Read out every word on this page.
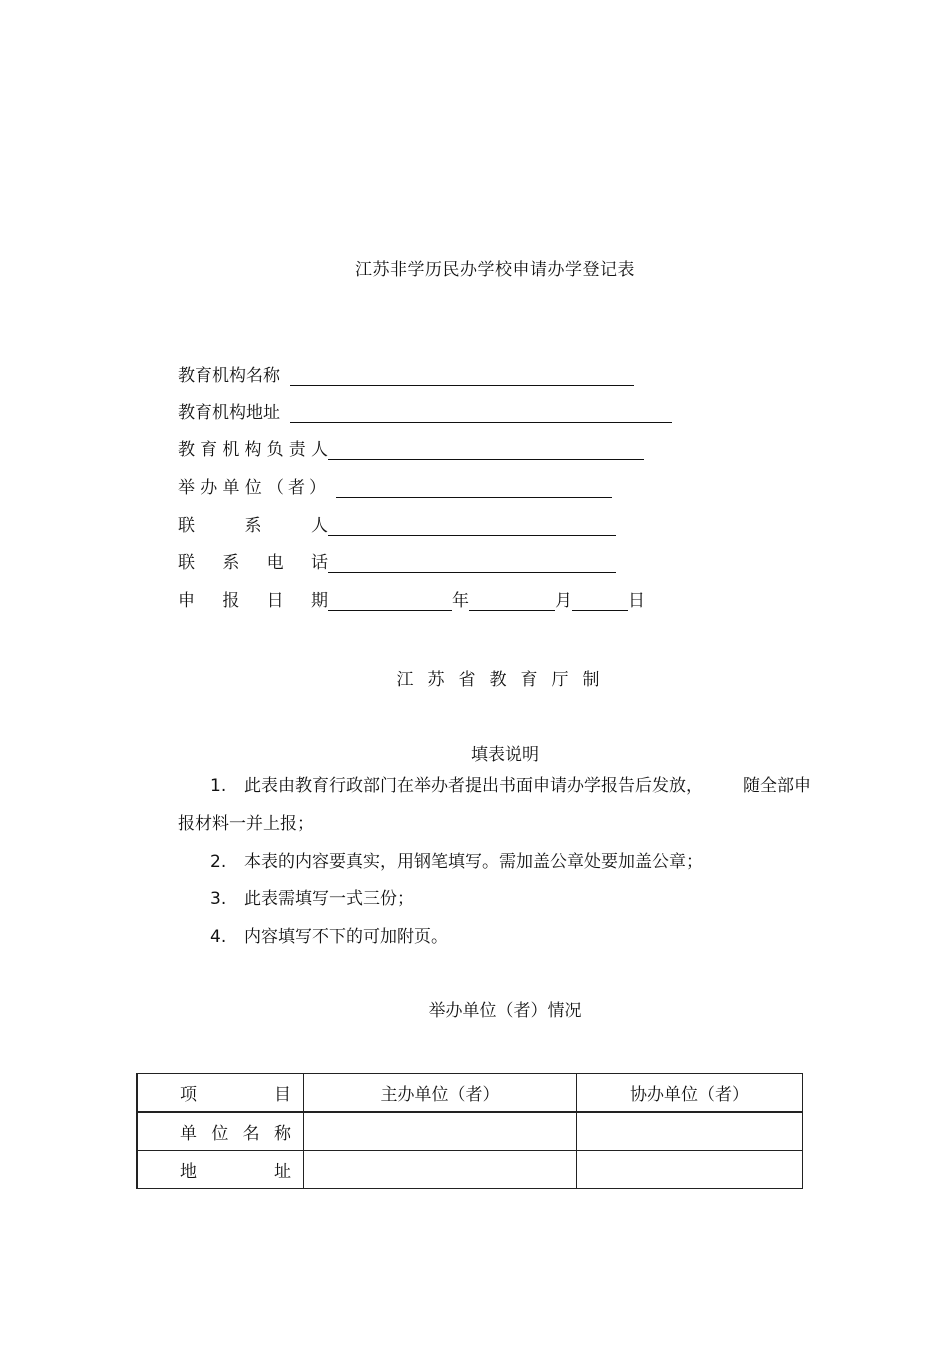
江苏非学历民办学校申请办学登记表
教育机构名称
教育机构地址
教 育 机 构 负 责 人
举 办 单 位 （者）
联	系	人
联 系 电 话
申 报 日 期	年	月	日
江苏省教育厅制
填表说明
1. 此表由教育行政部门在举办者提出书面申请办学报告后发放， 随全部申
报材料一并上报；
2. 本表的内容要真实，用钢笔填写。需加盖公章处要加盖公章；
3. 此表需填写一式三份；
4. 内容填写不下的可加附页。
举办单位（者）情况
项 目	主办单位（者）	协办单位（者）

单 位 名 称		

地 址		
